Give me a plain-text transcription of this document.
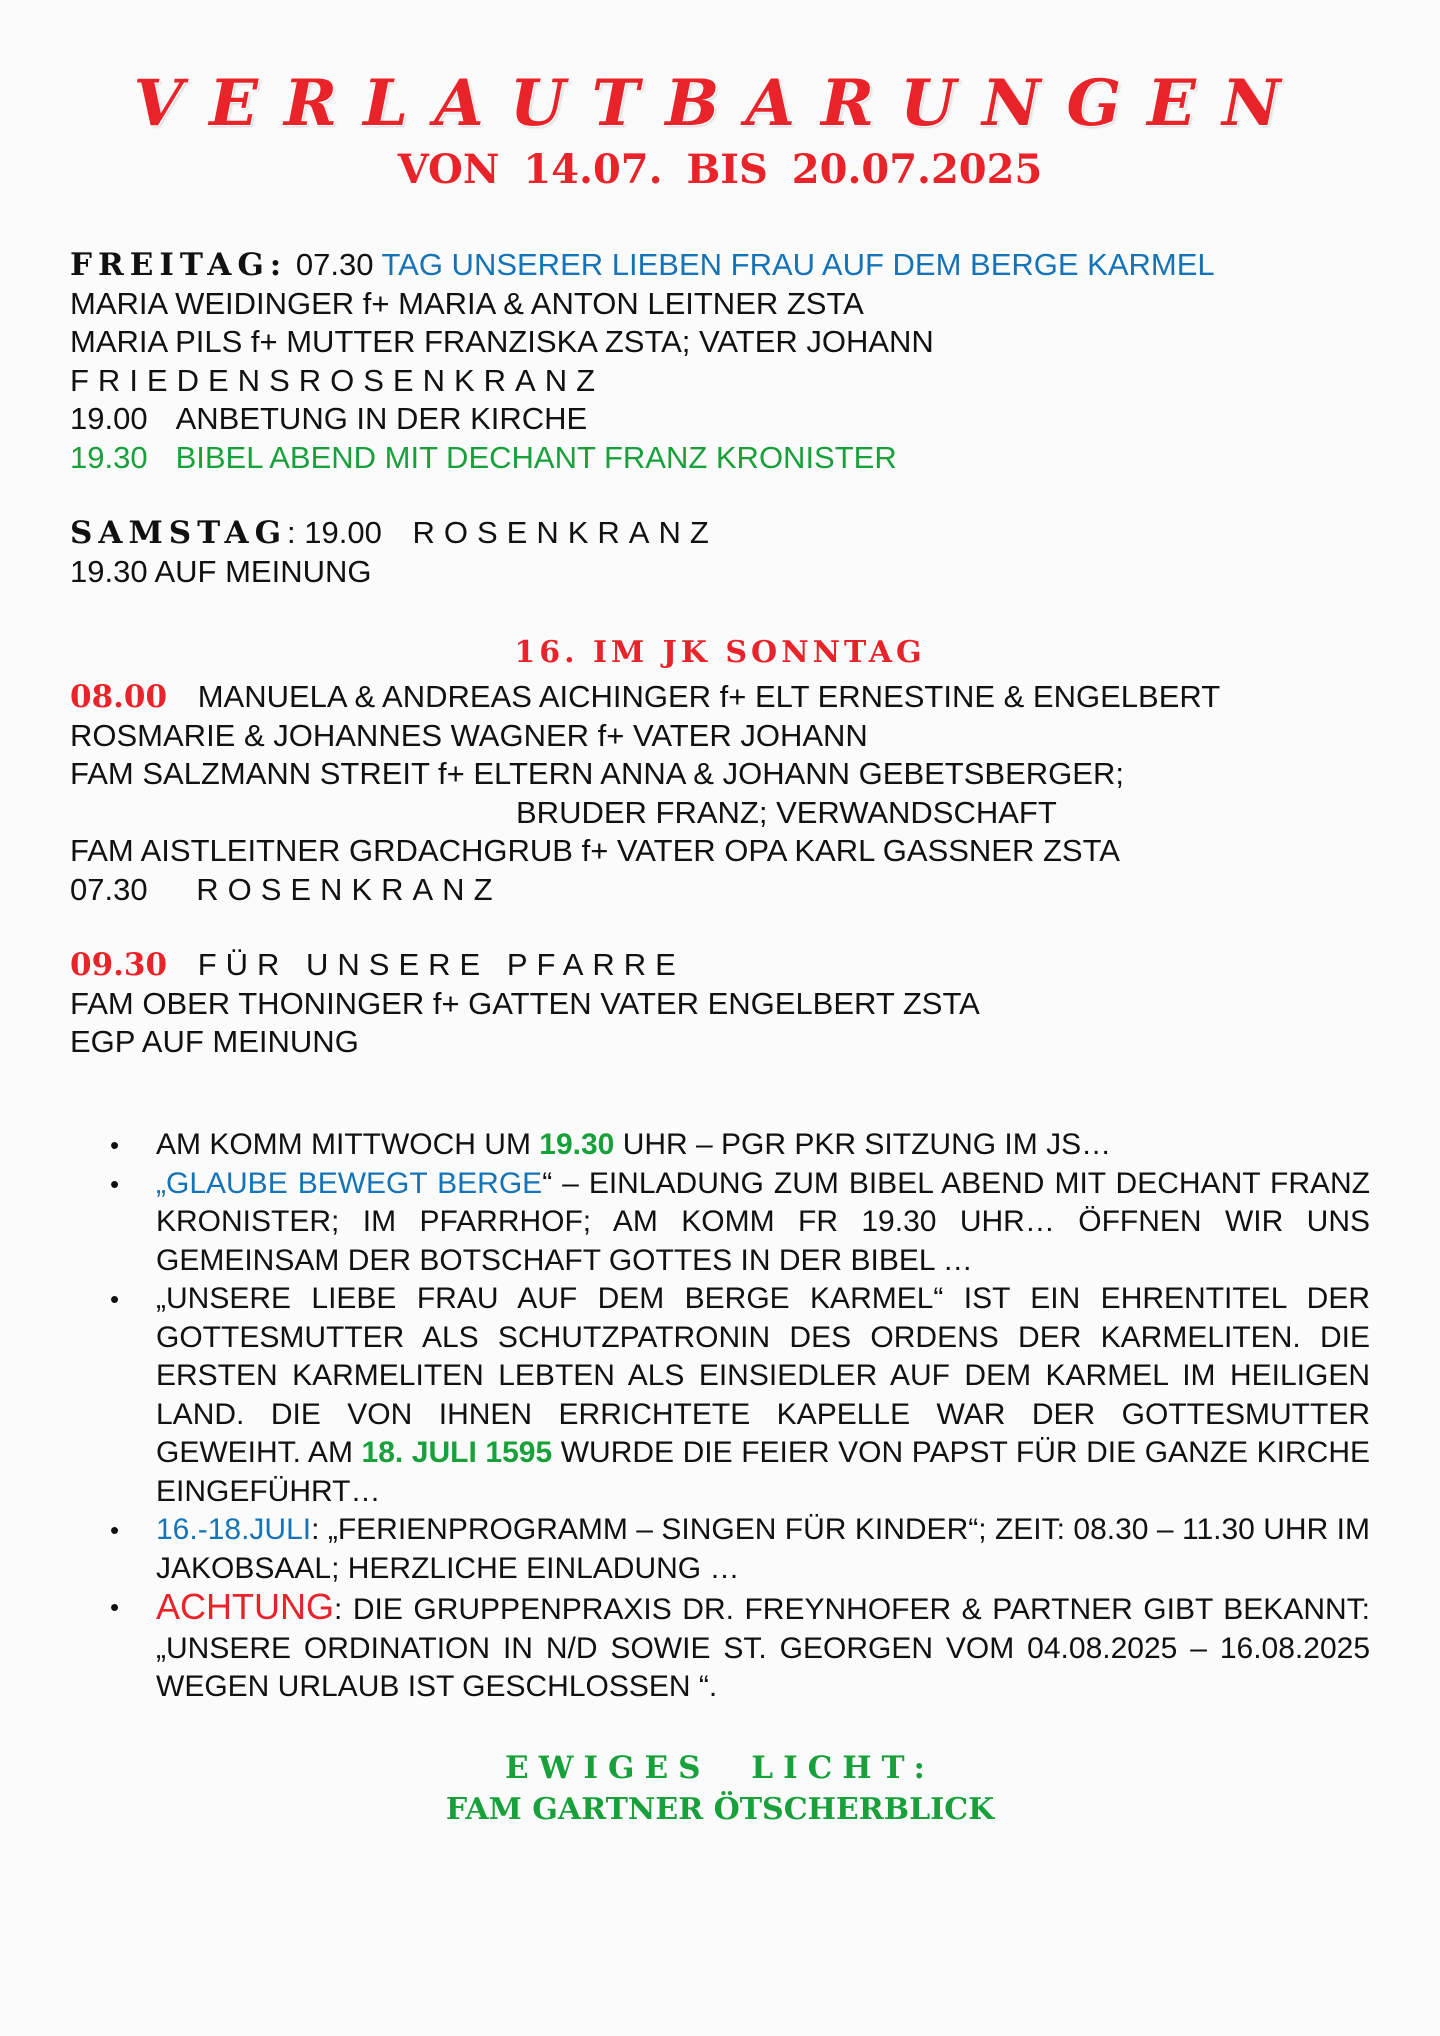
VERLAUTBARUNGEN
VON 14.07. BIS 20.07.2025
FREITAG: 07.30 TAG UNSERER LIEBEN FRAU AUF DEM BERGE KARMEL
MARIA WEIDINGER f+ MARIA & ANTON LEITNER ZSTA
MARIA PILS f+ MUTTER FRANZISKA ZSTA; VATER JOHANN
FRIEDENSROSENKRANZ
19.00 ANBETUNG IN DER KIRCHE
19.30 BIBEL ABEND MIT DECHANT FRANZ KRONISTER
SAMSTAG: 19.00 ROSENKRANZ
19.30 AUF MEINUNG
16. IM JK SONNTAG
08.00 MANUELA & ANDREAS AICHINGER f+ ELT ERNESTINE & ENGELBERT
ROSMARIE & JOHANNES WAGNER f+ VATER JOHANN
FAM SALZMANN STREIT f+ ELTERN ANNA & JOHANN GEBETSBERGER;
BRUDER FRANZ; VERWANDSCHAFT
FAM AISTLEITNER GRDACHGRUB f+ VATER OPA KARL GASSNER ZSTA
07.30 ROSENKRANZ
09.30 FÜR UNSERE PFARRE
FAM OBER THONINGER f+ GATTEN VATER ENGELBERT ZSTA
EGP AUF MEINUNG
• AM KOMM MITTWOCH UM 19.30 UHR – PGR PKR SITZUNG IM JS…
• „GLAUBE BEWEGT BERGE“ – EINLADUNG ZUM BIBEL ABEND MIT DECHANT FRANZ KRONISTER; IM PFARRHOF; AM KOMM FR 19.30 UHR… ÖFFNEN WIR UNS GEMEINSAM DER BOTSCHAFT GOTTES IN DER BIBEL …
• „UNSERE LIEBE FRAU AUF DEM BERGE KARMEL“ IST EIN EHRENTITEL DER GOTTESMUTTER ALS SCHUTZPATRONIN DES ORDENS DER KARMELITEN. DIE ERSTEN KARMELITEN LEBTEN ALS EINSIEDLER AUF DEM KARMEL IM HEILIGEN LAND. DIE VON IHNEN ERRICHTETE KAPELLE WAR DER GOTTESMUTTER GEWEIHT. AM 18. JULI 1595 WURDE DIE FEIER VON PAPST FÜR DIE GANZE KIRCHE EINGEFÜHRT…
• 16.-18.JULI: „FERIENPROGRAMM – SINGEN FÜR KINDER“; ZEIT: 08.30 – 11.30 UHR IM JAKOBSAAL; HERZLICHE EINLADUNG …
• ACHTUNG: DIE GRUPPENPRAXIS DR. FREYNHOFER & PARTNER GIBT BEKANNT: „UNSERE ORDINATION IN N/D SOWIE ST. GEORGEN VOM 04.08.2025 – 16.08.2025 WEGEN URLAUB IST GESCHLOSSEN “.
EWIGES LICHT:
FAM GARTNER ÖTSCHERBLICK
